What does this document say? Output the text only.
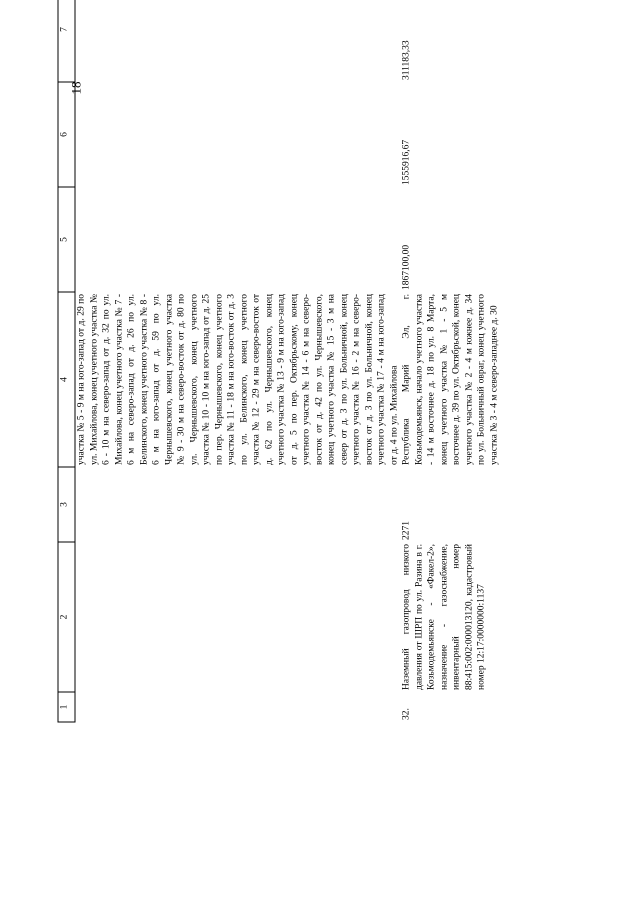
18
1	2	3	4	5	6	7
			участка № 5 - 9 м на юго-запад от д. 29 по ул. Михайлова, конец учетного участка № 6 - 10 м на северо-запад от д. 32 по ул. Михайлова, конец учетного участка № 7 - 6 м на северо-запад от д. 26 по ул. Белинского, конец учетного участка № 8 - 6 м на юго-запад от д. 59 по ул. Чернышевского, конец учетного участка № 9 - 30 м на северо-восток от д. 80 по ул. Чернышевского, конец учетного участка № 10 - 10 м на юго-запад от д. 25 по пер. Чернышевского, конец учетного участка № 11 - 18 м на юго-восток от д. 3 по ул. Белинского, конец учетного участка № 12 - 29 м на северо-восток от д. 62 по ул. Чернышевского, конец учетного участка № 13 - 9 м на юго-запад от д. 5 по пер. Октябрьскому, конец учетного участка № 14 - 6 м на северо-восток от д. 42 по ул. Чернышевского, конец учетного участка № 15 - 3 м на север от д. 3 по ул. Больничной, конец учетного участка № 16 - 2 м на северо-восток от д. 3 по ул. Больничной, конец учетного участка № 17 - 4 м на юго-запад от д. 4 по ул. Михайлова			
32.	Наземный газопровод низкого давления от ШРП по ул. Разина в г. Козьмодемьянске - «Факел-2», назначение - газоснабжение, инвентарный номер 88:415:002:000013120, кадастровый номер 12:17:0000000:1137	2271	Республика Марий Эл, г. Козьмодемьянск, начало учетного участка - 14 м восточнее д. 18 по ул. 8 Марта, конец учетного участка № 1 - 5 м восточнее д. 39 по ул. Октябрьской, конец учетного участка № 2 - 4 м южнее д. 34 по ул. Больничный овраг, конец учетного участка № 3 - 4 м северо-западнее д. 30	1867100,00	1555916,67	311183,33
